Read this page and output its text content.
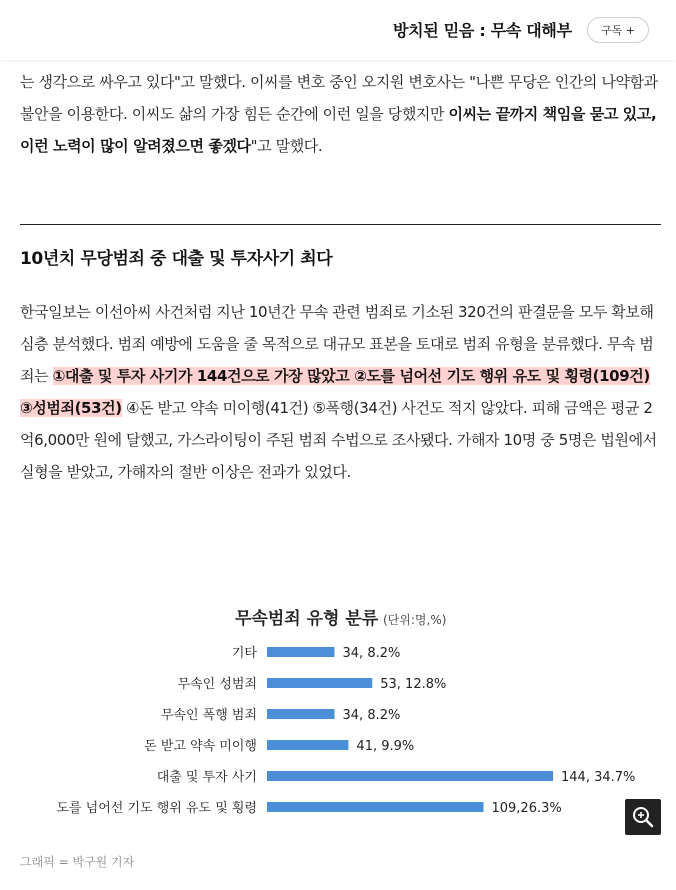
방치된 믿음 : 무속 대해부	구독 +
는 생각으로 싸우고 있다"고 말했다. 이씨를 변호 중인 오지원 변호사는 "나쁜 무당은 인간의 나약함과 불안을 이용한다. 이씨도 삶의 가장 힘든 순간에 이런 일을 당했지만 이씨는 끝까지 책임을 묻고 있고, 이런 노력이 많이 알려졌으면 좋겠다"고 말했다.
10년치 무당범죄 중 대출 및 투자사기 최다
한국일보는 이선아씨 사건처럼 지난 10년간 무속 관련 범죄로 기소된 320건의 판결문을 모두 확보해 심층 분석했다. 범죄 예방에 도움을 줄 목적으로 대규모 표본을 토대로 범죄 유형을 분류했다. 무속 범죄는 ①대출 및 투자 사기가 144건으로 가장 많았고 ②도를 넘어선 기도 행위 유도 및 횡령(109건) ③성범죄(53건) ④돈 받고 약속 미이행(41건) ⑤폭행(34건) 사건도 적지 않았다. 피해 금액은 평균 2억6,000만 원에 달했고, 가스라이팅이 주된 범죄 수법으로 조사됐다. 가해자 10명 중 5명은 법원에서 실형을 받았고, 가해자의 절반 이상은 전과가 있었다.
무속범죄 유형 분류 (단위:명,%)
기타	34, 8.2%
무속인 성범죄	53, 12.8%
무속인 폭행 범죄	34, 8.2%
돈 받고 약속 미이행	41, 9.9%
대출 및 투자 사기	144, 34.7%
도를 넘어선 기도 행위 유도 및 횡령	109,26.3%
그래픽 = 박구원 기자
